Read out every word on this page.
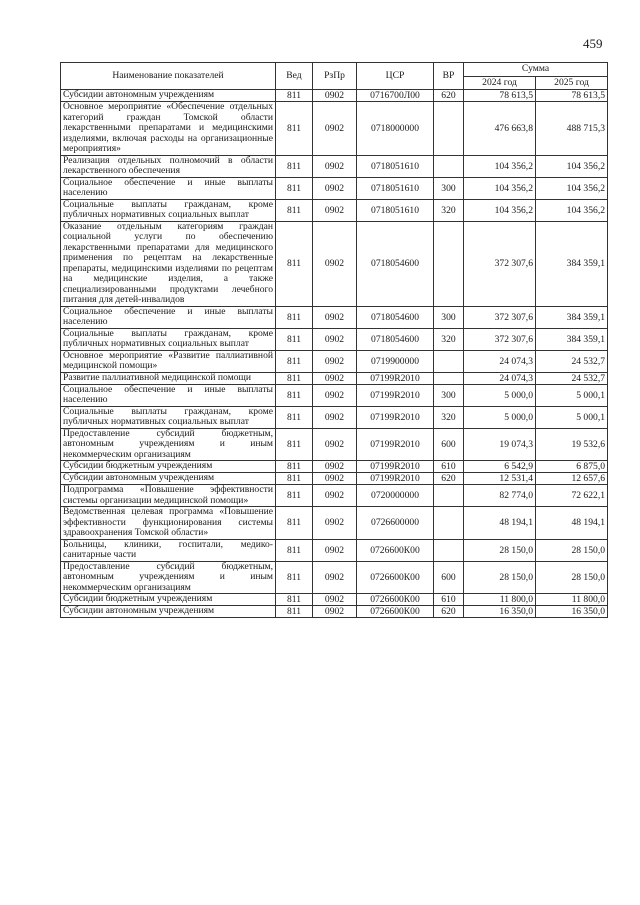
459
Наименование показателей	Вед	РзПр	ЦСР	ВР	Сумма	
					2024 год	2025 год
Субсидии автономным учреждениям	811	0902	0716700Л00	620	78 613,5	78 613,5
Основное мероприятие «Обеспечение отдельных категорий граждан Томской области лекарственными препаратами и медицинскими изделиями, включая расходы на организационные мероприятия»	811	0902	0718000000		476 663,8	488 715,3
Реализация отдельных полномочий в области лекарственного обеспечения	811	0902	0718051610		104 356,2	104 356,2
Социальное обеспечение и иные выплаты населению	811	0902	0718051610	300	104 356,2	104 356,2
Социальные выплаты гражданам, кроме публичных нормативных социальных выплат	811	0902	0718051610	320	104 356,2	104 356,2
Оказание отдельным категориям граждан социальной услуги по обеспечению лекарственными препаратами для медицинского применения по рецептам на лекарственные препараты, медицинскими изделиями по рецептам на медицинские изделия, а также специализированными продуктами лечебного питания для детей-инвалидов	811	0902	0718054600		372 307,6	384 359,1
Социальное обеспечение и иные выплаты населению	811	0902	0718054600	300	372 307,6	384 359,1
Социальные выплаты гражданам, кроме публичных нормативных социальных выплат	811	0902	0718054600	320	372 307,6	384 359,1
Основное мероприятие «Развитие паллиативной медицинской помощи»	811	0902	0719900000		24 074,3	24 532,7
Развитие паллиативной медицинской помощи	811	0902	07199R2010		24 074,3	24 532,7
Социальное обеспечение и иные выплаты населению	811	0902	07199R2010	300	5 000,0	5 000,1
Социальные выплаты гражданам, кроме публичных нормативных социальных выплат	811	0902	07199R2010	320	5 000,0	5 000,1
Предоставление субсидий бюджетным, автономным учреждениям и иным некоммерческим организациям	811	0902	07199R2010	600	19 074,3	19 532,6
Субсидии бюджетным учреждениям	811	0902	07199R2010	610	6 542,9	6 875,0
Субсидии автономным учреждениям	811	0902	07199R2010	620	12 531,4	12 657,6
Подпрограмма «Повышение эффективности системы организации медицинской помощи»	811	0902	0720000000		82 774,0	72 622,1
Ведомственная целевая программа «Повышение эффективности функционирования системы здравоохранения Томской области»	811	0902	0726600000		48 194,1	48 194,1
Больницы, клиники, госпитали, медико-санитарные части	811	0902	0726600К00		28 150,0	28 150,0
Предоставление субсидий бюджетным, автономным учреждениям и иным некоммерческим организациям	811	0902	0726600К00	600	28 150,0	28 150,0
Субсидии бюджетным учреждениям	811	0902	0726600К00	610	11 800,0	11 800,0
Субсидии автономным учреждениям	811	0902	0726600К00	620	16 350,0	16 350,0
